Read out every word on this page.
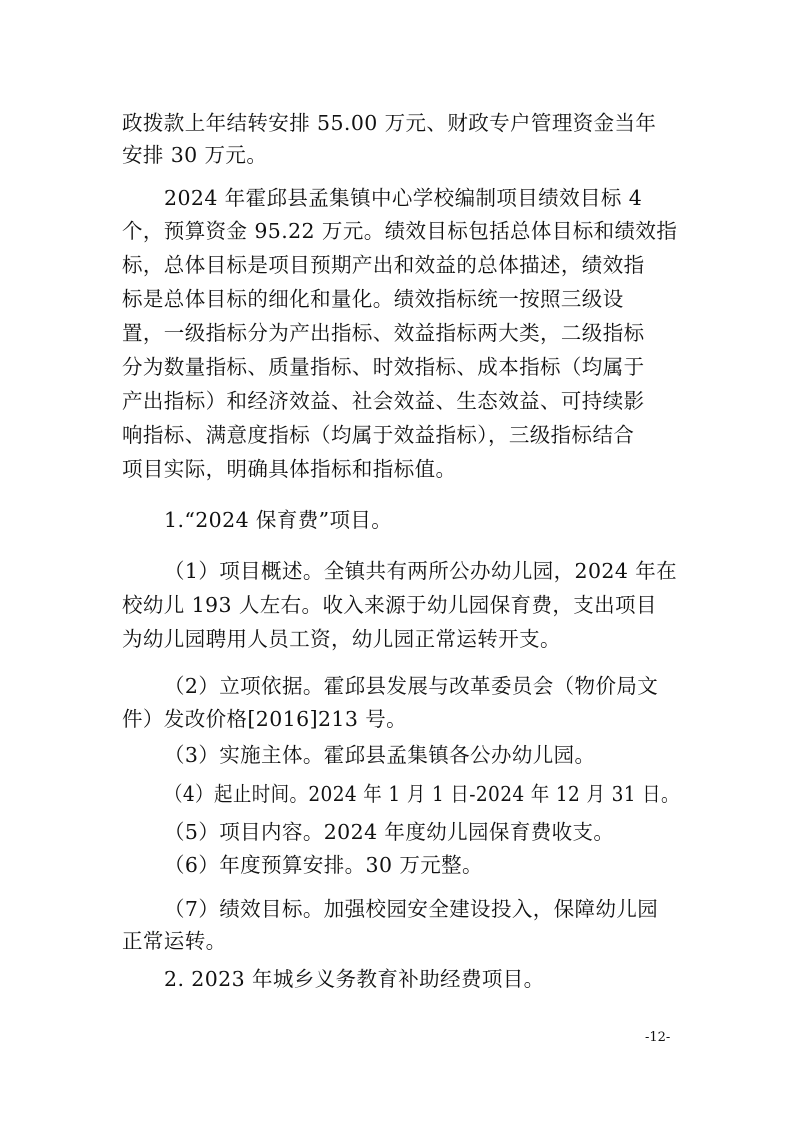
政拨款上年结转安排 55.00 万元、财政专户管理资金当年
安排 30 万元。
2024 年霍邱县孟集镇中心学校编制项目绩效目标 4
个，预算资金 95.22 万元。绩效目标包括总体目标和绩效指
标，总体目标是项目预期产出和效益的总体描述，绩效指
标是总体目标的细化和量化。绩效指标统一按照三级设
置，一级指标分为产出指标、效益指标两大类，二级指标
分为数量指标、质量指标、时效指标、成本指标（均属于
产出指标）和经济效益、社会效益、生态效益、可持续影
响指标、满意度指标（均属于效益指标），三级指标结合
项目实际，明确具体指标和指标值。
1.“2024 保育费”项目。
（1）项目概述。全镇共有两所公办幼儿园，2024 年在
校幼儿 193 人左右。收入来源于幼儿园保育费，支出项目
为幼儿园聘用人员工资，幼儿园正常运转开支。
（2）立项依据。霍邱县发展与改革委员会（物价局文
件）发改价格[2016]213 号。
（3）实施主体。霍邱县孟集镇各公办幼儿园。
（4）起止时间。2024 年 1 月 1 日-2024 年 12 月 31 日。
（5）项目内容。2024 年度幼儿园保育费收支。
（6）年度预算安排。30 万元整。
（7）绩效目标。加强校园安全建设投入，保障幼儿园
正常运转。
2. 2023 年城乡义务教育补助经费项目。
-12-
